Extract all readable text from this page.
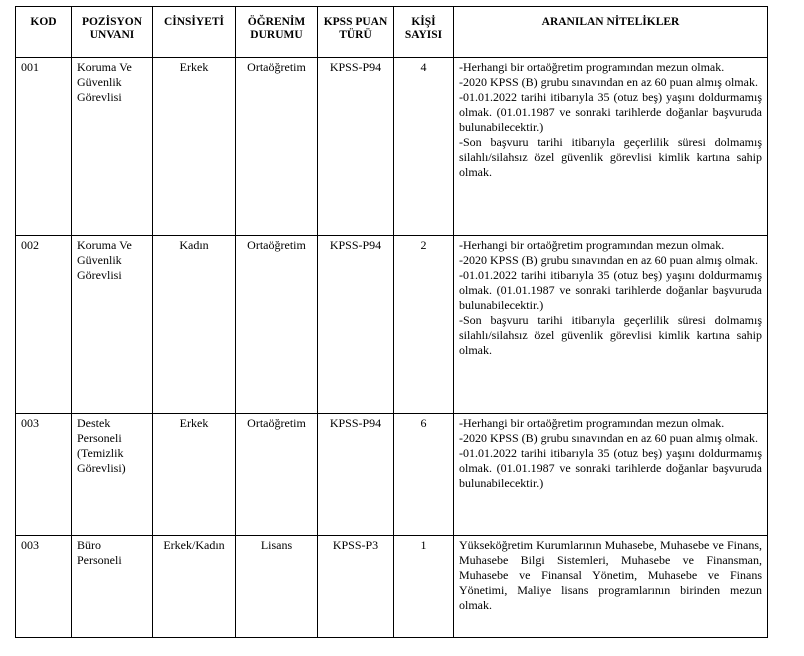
KOD	POZİSYON UNVANI	CİNSİYETİ	ÖĞRENİM DURUMU	KPSS PUAN TÜRÜ	KİŞİ SAYISI	ARANILAN NİTELİKLER
001	Koruma Ve Güvenlik Görevlisi	Erkek	Ortaöğretim	KPSS-P94	4	-Herhangi bir ortaöğretim programından mezun olmak.
-2020 KPSS (B) grubu sınavından en az 60 puan almış olmak.
-01.01.2022 tarihi itibarıyla 35 (otuz beş) yaşını doldurmamış olmak. (01.01.1987 ve sonraki tarihlerde doğanlar başvuruda bulunabilecektir.)
-Son başvuru tarihi itibarıyla geçerlilik süresi dolmamış silahlı/silahsız özel güvenlik görevlisi kimlik kartına sahip olmak.

002	Koruma Ve Güvenlik Görevlisi	Kadın	Ortaöğretim	KPSS-P94	2	-Herhangi bir ortaöğretim programından mezun olmak.
-2020 KPSS (B) grubu sınavından en az 60 puan almış olmak.
-01.01.2022 tarihi itibarıyla 35 (otuz beş) yaşını doldurmamış olmak. (01.01.1987 ve sonraki tarihlerde doğanlar başvuruda bulunabilecektir.)
-Son başvuru tarihi itibarıyla geçerlilik süresi dolmamış silahlı/silahsız özel güvenlik görevlisi kimlik kartına sahip olmak.

003	Destek Personeli (Temizlik Görevlisi)	Erkek	Ortaöğretim	KPSS-P94	6	-Herhangi bir ortaöğretim programından mezun olmak.
-2020 KPSS (B) grubu sınavından en az 60 puan almış olmak.
-01.01.2022 tarihi itibarıyla 35 (otuz beş) yaşını doldurmamış olmak. (01.01.1987 ve sonraki tarihlerde doğanlar başvuruda bulunabilecektir.)

003	Büro Personeli	Erkek/Kadın	Lisans	KPSS-P3	1	Yükseköğretim Kurumlarının Muhasebe, Muhasebe ve Finans, Muhasebe Bilgi Sistemleri, Muhasebe ve Finansman, Muhasebe ve Finansal Yönetim, Muhasebe ve Finans Yönetimi, Maliye lisans programlarının birinden mezun olmak.
